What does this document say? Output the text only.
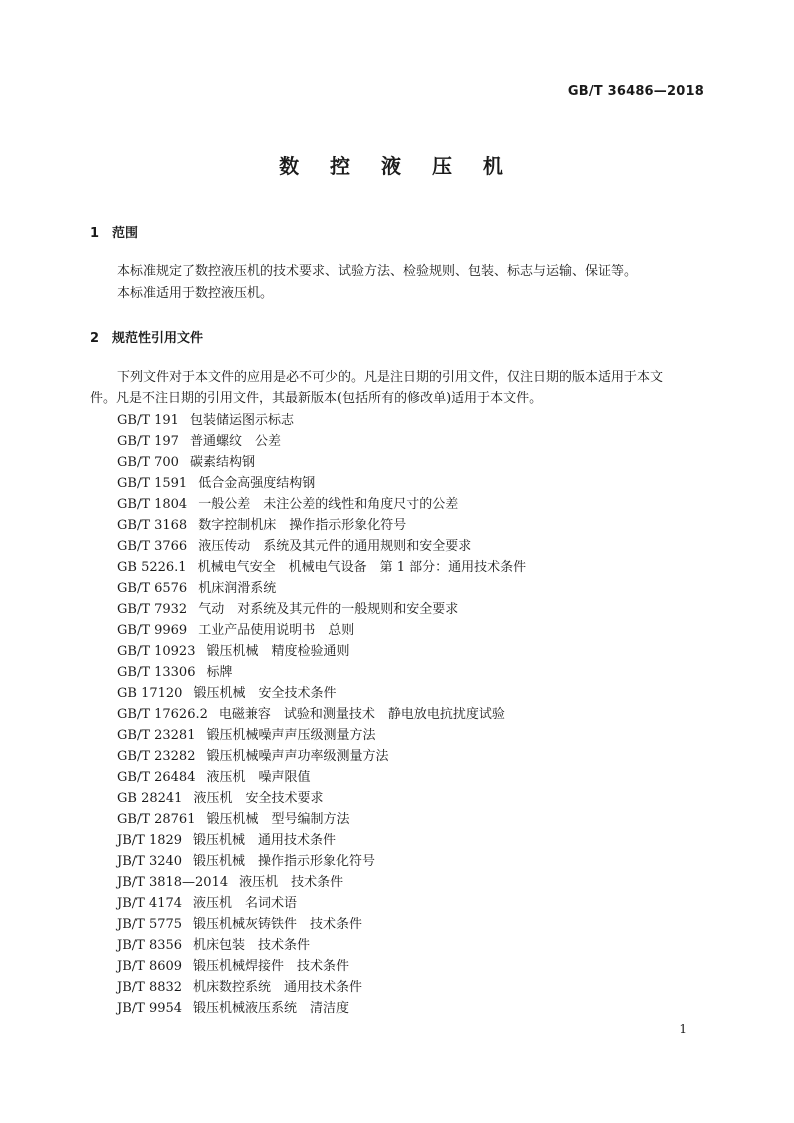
GB/T 36486—2018
数 控 液 压 机
1 范围
本标准规定了数控液压机的技术要求、试验方法、检验规则、包装、标志与运输、保证等。
本标准适用于数控液压机。
2 规范性引用文件
下列文件对于本文件的应用是必不可少的。凡是注日期的引用文件，仅注日期的版本适用于本文
件。凡是不注日期的引用文件，其最新版本(包括所有的修改单)适用于本文件。
GB/T 191 包装储运图示标志
GB/T 197 普通螺纹　公差
GB/T 700 碳素结构钢
GB/T 1591 低合金高强度结构钢
GB/T 1804 一般公差　未注公差的线性和角度尺寸的公差
GB/T 3168 数字控制机床　操作指示形象化符号
GB/T 3766 液压传动　系统及其元件的通用规则和安全要求
GB 5226.1 机械电气安全　机械电气设备　第 1 部分：通用技术条件
GB/T 6576 机床润滑系统
GB/T 7932 气动　对系统及其元件的一般规则和安全要求
GB/T 9969 工业产品使用说明书　总则
GB/T 10923 锻压机械　精度检验通则
GB/T 13306 标牌
GB 17120 锻压机械　安全技术条件
GB/T 17626.2 电磁兼容　试验和测量技术　静电放电抗扰度试验
GB/T 23281 锻压机械噪声声压级测量方法
GB/T 23282 锻压机械噪声声功率级测量方法
GB/T 26484 液压机　噪声限值
GB 28241 液压机　安全技术要求
GB/T 28761 锻压机械　型号编制方法
JB/T 1829 锻压机械　通用技术条件
JB/T 3240 锻压机械　操作指示形象化符号
JB/T 3818—2014 液压机　技术条件
JB/T 4174 液压机　名词术语
JB/T 5775 锻压机械灰铸铁件　技术条件
JB/T 8356 机床包装　技术条件
JB/T 8609 锻压机械焊接件　技术条件
JB/T 8832 机床数控系统　通用技术条件
JB/T 9954 锻压机械液压系统　清洁度
1
